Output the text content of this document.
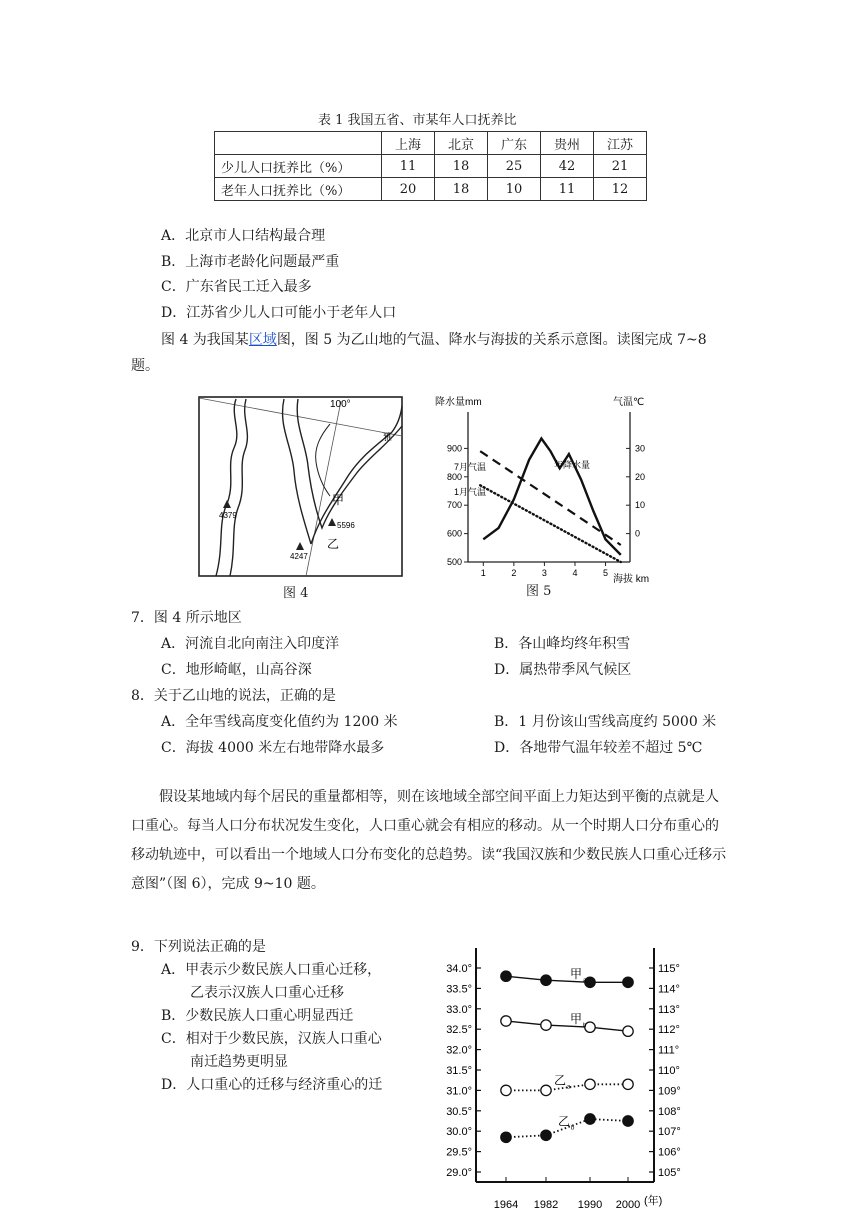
表 1 我国五省、市某年人口抚养比
	上海	北京	广东	贵州	江苏
少儿人口抚养比（%）	11	18	25	42	21
老年人口抚养比（%）	20	18	10	11	12
A．北京市人口结构最合理
B．上海市老龄化问题最严重
C．广东省民工迁入最多
D．江苏省少儿人口可能小于老年人口
图 4 为我国某区域图，图 5 为乙山地的气温、降水与海拔的关系示意图。读图完成 7~8
题。
100°
雅
4379
5596
4247
甲
乙
图 4
降水量mm	气温℃
海拔 km
500
600
700
800
900
0
10
20
30
1	2	3	4	5
7月气温
1月气温
年降水量
图 5
7．图 4 所示地区
A．河流自北向南注入印度洋	B．各山峰均终年积雪
C．地形崎岖，山高谷深	D．属热带季风气候区
8．关于乙山地的说法，正确的是
A．全年雪线高度变化值约为 1200 米	B．1 月份该山雪线高度约 5000 米
C．海拔 4000 米左右地带降水最多	D．各地带气温年较差不超过 5℃
假设某地域内每个居民的重量都相等，则在该地域全部空间平面上力矩达到平衡的点就是人口重心。每当人口分布状况发生变化，人口重心就会有相应的移动。从一个时期人口分布重心的移动轨迹中，可以看出一个地域人口分布变化的总趋势。读“我国汉族和少数民族人口重心迁移示意图”（图 6），完成 9~10 题。
9．下列说法正确的是
A．甲表示少数民族人口重心迁移，
乙表示汉族人口重心迁移
B．少数民族人口重心明显西迁
C．相对于少数民族，汉族人口重心
南迁趋势更明显
D．人口重心的迁移与经济重心的迁
34.0°
33.5°
33.0°
32.5°
32.0°
31.5°
31.0°
30.5°
30.0°
29.5°
29.0°
115°
114°
113°
112°
111°
110°
109°
108°
107°
106°
105°
1964 1982 1990 2000 (年)
甲 a
甲 b
乙 a
乙 b
